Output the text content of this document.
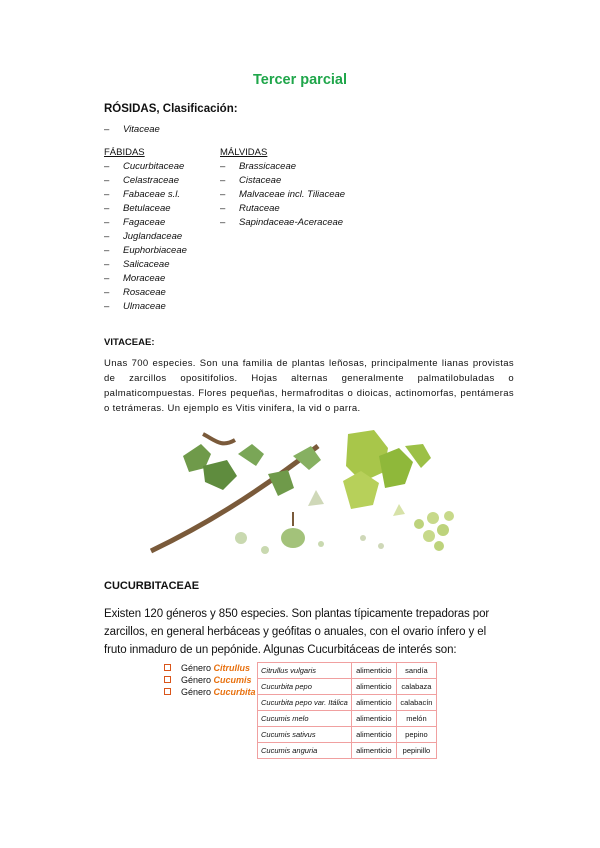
Tercer parcial
RÓSIDAS, Clasificación:
– Vitaceae
FÁBIDAS
– Cucurbitaceae
– Celastraceae
– Fabaceae s.l.
– Betulaceae
– Fagaceae
– Juglandaceae
– Euphorbiaceae
– Salicaceae
– Moraceae
– Rosaceae
– Ulmaceae
MÁLVIDAS
– Brassicaceae
– Cistaceae
– Malvaceae incl. Tiliaceae
– Rutaceae
– Sapindaceae-Aceraceae
VITACEAE:
Unas 700 especies. Son una familia de plantas leñosas, principalmente lianas provistas de zarcillos opositifolios. Hojas alternas generalmente palmatilobuladas o palmaticompuestas. Flores pequeñas, hermafroditas o dioicas, actinomorfas, pentámeras o tetrámeras. Un ejemplo es Vitis vinifera, la vid o parra.
CUCURBITACEAE
Existen 120 géneros y 850 especies. Son plantas típicamente trepadoras por zarcillos, en general herbáceas y geófitas o anuales, con el ovario ínfero y el fruto inmaduro de un pepónide. Algunas Cucurbitáceas de interés son:
Género Citrullus
Género Cucumis
Género Cucurbita
Citrullus vulgaris	alimenticio	sandía
Cucurbita pepo	alimenticio	calabaza
Cucurbita pepo var. Itálica	alimenticio	calabacín
Cucumis melo	alimenticio	melón
Cucumis sativus	alimenticio	pepino
Cucumis anguria	alimenticio	pepinillo
